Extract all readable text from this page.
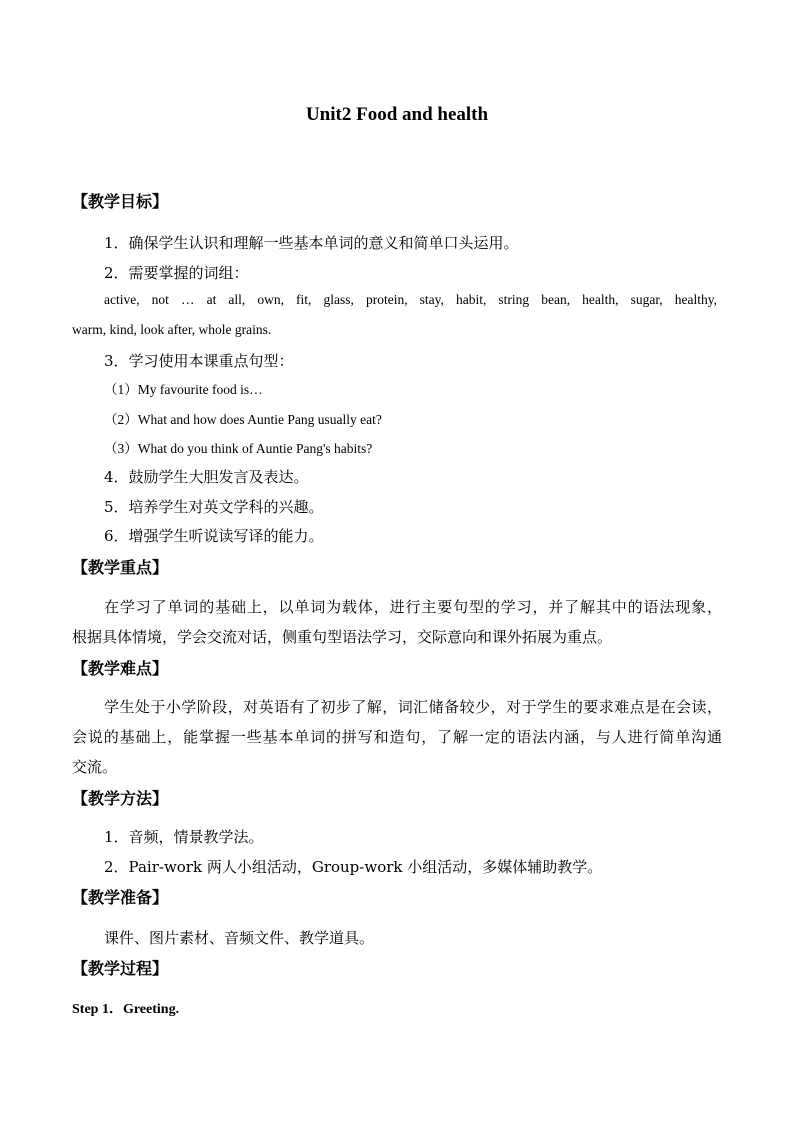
Unit2 Food and health
【教学目标】
1．确保学生认识和理解一些基本单词的意义和简单口头运用。
2．需要掌握的词组：
active, not … at all, own, fit, glass, protein, stay, habit, string bean, health, sugar, healthy,
warm, kind, look after, whole grains.
3．学习使用本课重点句型：
（1）My favourite food is…
（2）What and how does Auntie Pang usually eat?
（3）What do you think of Auntie Pang's habits?
4．鼓励学生大胆发言及表达。
5．培养学生对英文学科的兴趣。
6．增强学生听说读写译的能力。
【教学重点】
在学习了单词的基础上，以单词为载体，进行主要句型的学习，并了解其中的语法现象，
根据具体情境，学会交流对话，侧重句型语法学习，交际意向和课外拓展为重点。
【教学难点】
学生处于小学阶段，对英语有了初步了解，词汇储备较少，对于学生的要求难点是在会读，
会说的基础上，能掌握一些基本单词的拼写和造句，了解一定的语法内涵，与人进行简单沟通
交流。
【教学方法】
1．音频，情景教学法。
2．Pair-work 两人小组活动，Group-work 小组活动，多媒体辅助教学。
【教学准备】
课件、图片素材、音频文件、教学道具。
【教学过程】
Step 1．Greeting.
